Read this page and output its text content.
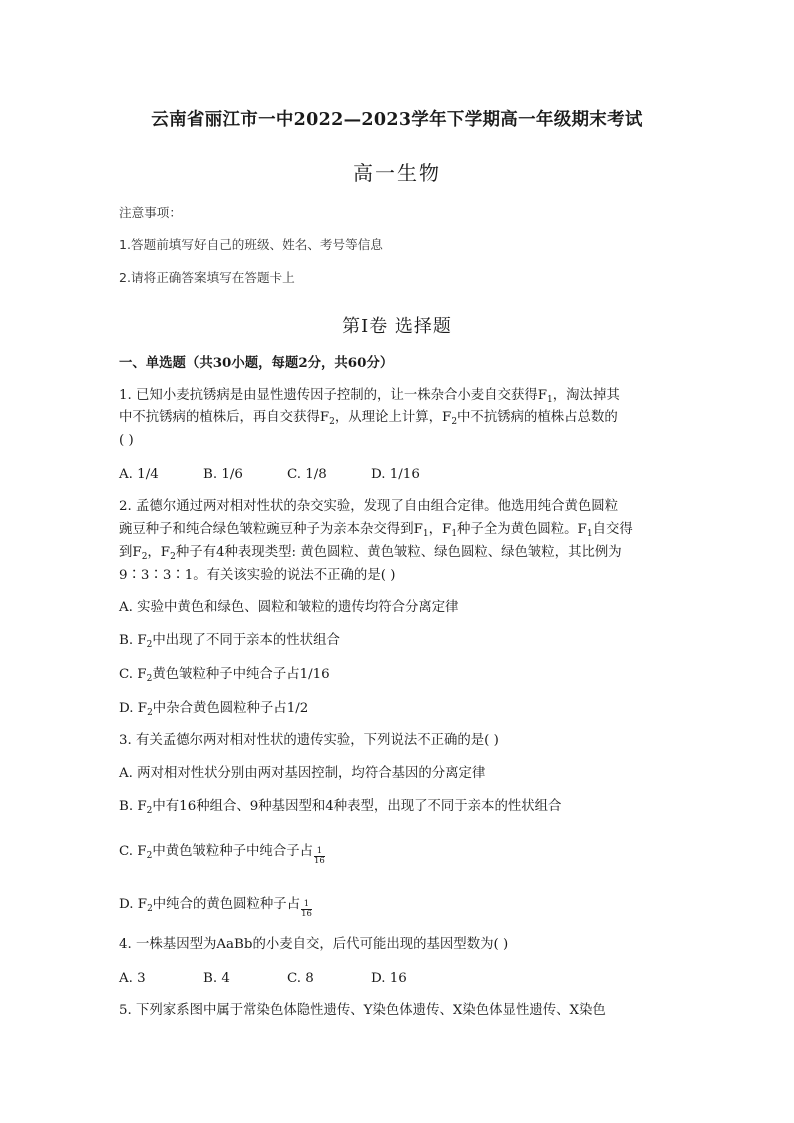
云南省丽江市一中2022—2023学年下学期高一年级期末考试
高一生物
注意事项：
1.答题前填写好自己的班级、姓名、考号等信息
2.请将正确答案填写在答题卡上
第Ⅰ卷 选择题
一、单选题（共30小题，每题2分，共60分）
1. 已知小麦抗锈病是由显性遗传因子控制的，让一株杂合小麦自交获得$F_1$，淘汰掉其
中不抗锈病的植株后，再自交获得$F_2$，从理论上计算，$F_2$中不抗锈病的植株占总数的
( )
A. 1/4	B. 1/6	C. 1/8	D. 1/16
2. 孟德尔通过两对相对性状的杂交实验，发现了自由组合定律。他选用纯合黄色圆粒
豌豆种子和纯合绿色皱粒豌豆种子为亲本杂交得到$F_1$，$F_1$种子全为黄色圆粒。$F_1$自交得
到$F_2$，$F_2$种子有4种表现类型: 黄色圆粒、黄色皱粒、绿色圆粒、绿色皱粒，其比例为
9∶3∶3∶1。有关该实验的说法不正确的是( )
A. 实验中黄色和绿色、圆粒和皱粒的遗传均符合分离定律
B. $F_2$中出现了不同于亲本的性状组合
C. $F_2$黄色皱粒种子中纯合子占1/16
D. $F_2$中杂合黄色圆粒种子占1/2
3. 有关孟德尔两对相对性状的遗传实验，下列说法不正确的是( )
A. 两对相对性状分别由两对基因控制，均符合基因的分离定律
B. $F_2$中有16种组合、9种基因型和4种表型，出现了不同于亲本的性状组合
C. $F_2$中黄色皱粒种子中纯合子占 $\frac{1}{16}$
D. $F_2$中纯合的黄色圆粒种子占 $\frac{1}{16}$
4. 一株基因型为AaBb的小麦自交，后代可能出现的基因型数为( )
A. 3	B. 4	C. 8	D. 16
5. 下列家系图中属于常染色体隐性遗传、Y染色体遗传、X染色体显性遗传、X染色
